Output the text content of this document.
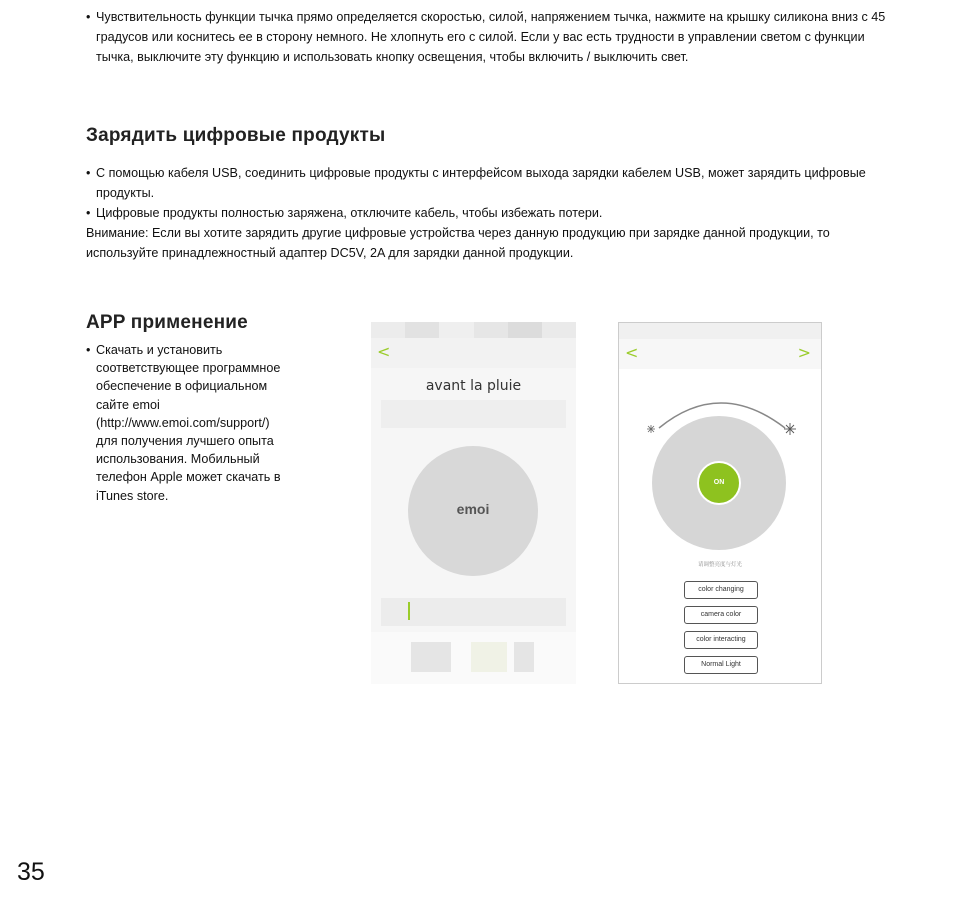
• Чувствительность функции тычка прямо определяется скоростью, силой, напряжением тычка, нажмите на крышку силикона вниз с 45 градусов или коснитесь ее в сторону немного. Не хлопнуть его с силой. Если у вас есть трудности в управлении светом с функции тычка, выключите эту функцию и использовать кнопку освещения, чтобы включить / выключить свет.
Зарядить цифровые продукты
• С помощью кабеля USB, соединить цифровые продукты с интерфейсом выхода зарядки кабелем USB, может зарядить цифровые продукты.
• Цифровые продукты полностью заряжена, отключите кабель, чтобы избежать потери.

Внимание: Если вы хотите зарядить другие цифровые устройства через данную продукцию при зарядке данной продукции, то используйте принадлежностный адаптер DC5V, 2A для зарядки данной продукции.

APP применение
• Скачать и установить соответствующее программное обеспечение в официальном сайте emoi (http://www.emoi.com/support/) для получения лучшего опыта использования. Мобильный телефон Apple может скачать в iTunes store.
<
avant la pluie
emoi
<	>
ON
请调整亮度与灯光
color changing
camera color
color interacting
Normal Light
35
